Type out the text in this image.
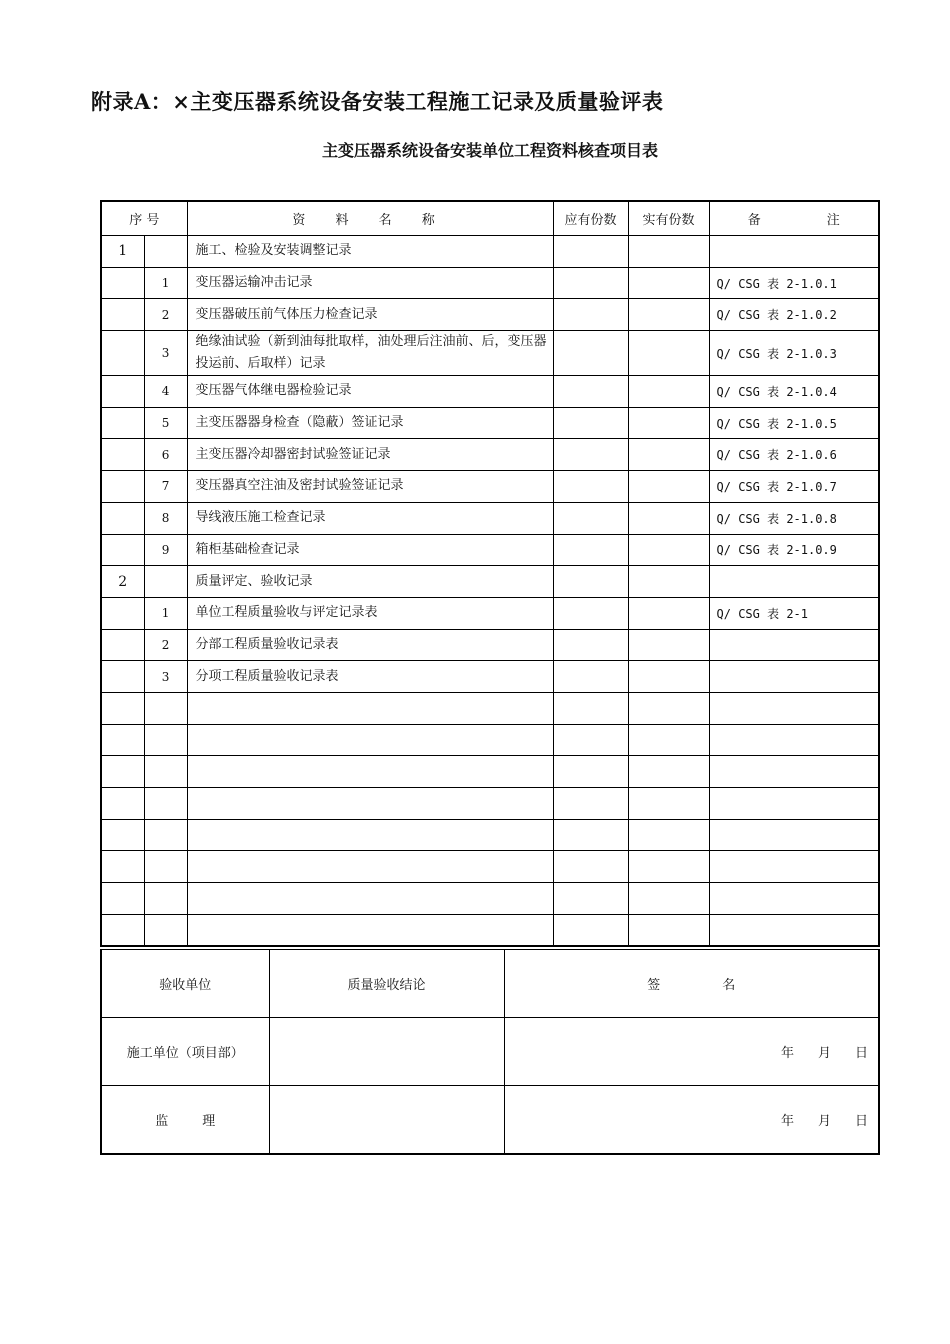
附录A：×主变压器系统设备安装工程施工记录及质量验评表
主变压器系统设备安装单位工程资料核查项目表
序 号		资 料 名 称	应有份数	实有份数	备 注
1		施工、检验及安装调整记录			
	1	变压器运输冲击记录			Q/ CSG 表 2-1.0.1
	2	变压器破压前气体压力检查记录			Q/ CSG 表 2-1.0.2
	3	绝缘油试验（新到油每批取样，油处理后注油前、后，变压器投运前、后取样）记录			Q/ CSG 表 2-1.0.3
	4	变压器气体继电器检验记录			Q/ CSG 表 2-1.0.4
	5	主变压器器身检查（隐蔽）签证记录			Q/ CSG 表 2-1.0.5
	6	主变压器冷却器密封试验签证记录			Q/ CSG 表 2-1.0.6
	7	变压器真空注油及密封试验签证记录			Q/ CSG 表 2-1.0.7
	8	导线液压施工检查记录			Q/ CSG 表 2-1.0.8
	9	箱柜基础检查记录			Q/ CSG 表 2-1.0.9
2		质量评定、验收记录			
	1	单位工程质量验收与评定记录表			Q/ CSG 表 2-1
	2	分部工程质量验收记录表			
	3	分项工程质量验收记录表			

验收单位	质量验收结论	签 名
施工单位（项目部）		年 月 日
监 理		年 月 日
